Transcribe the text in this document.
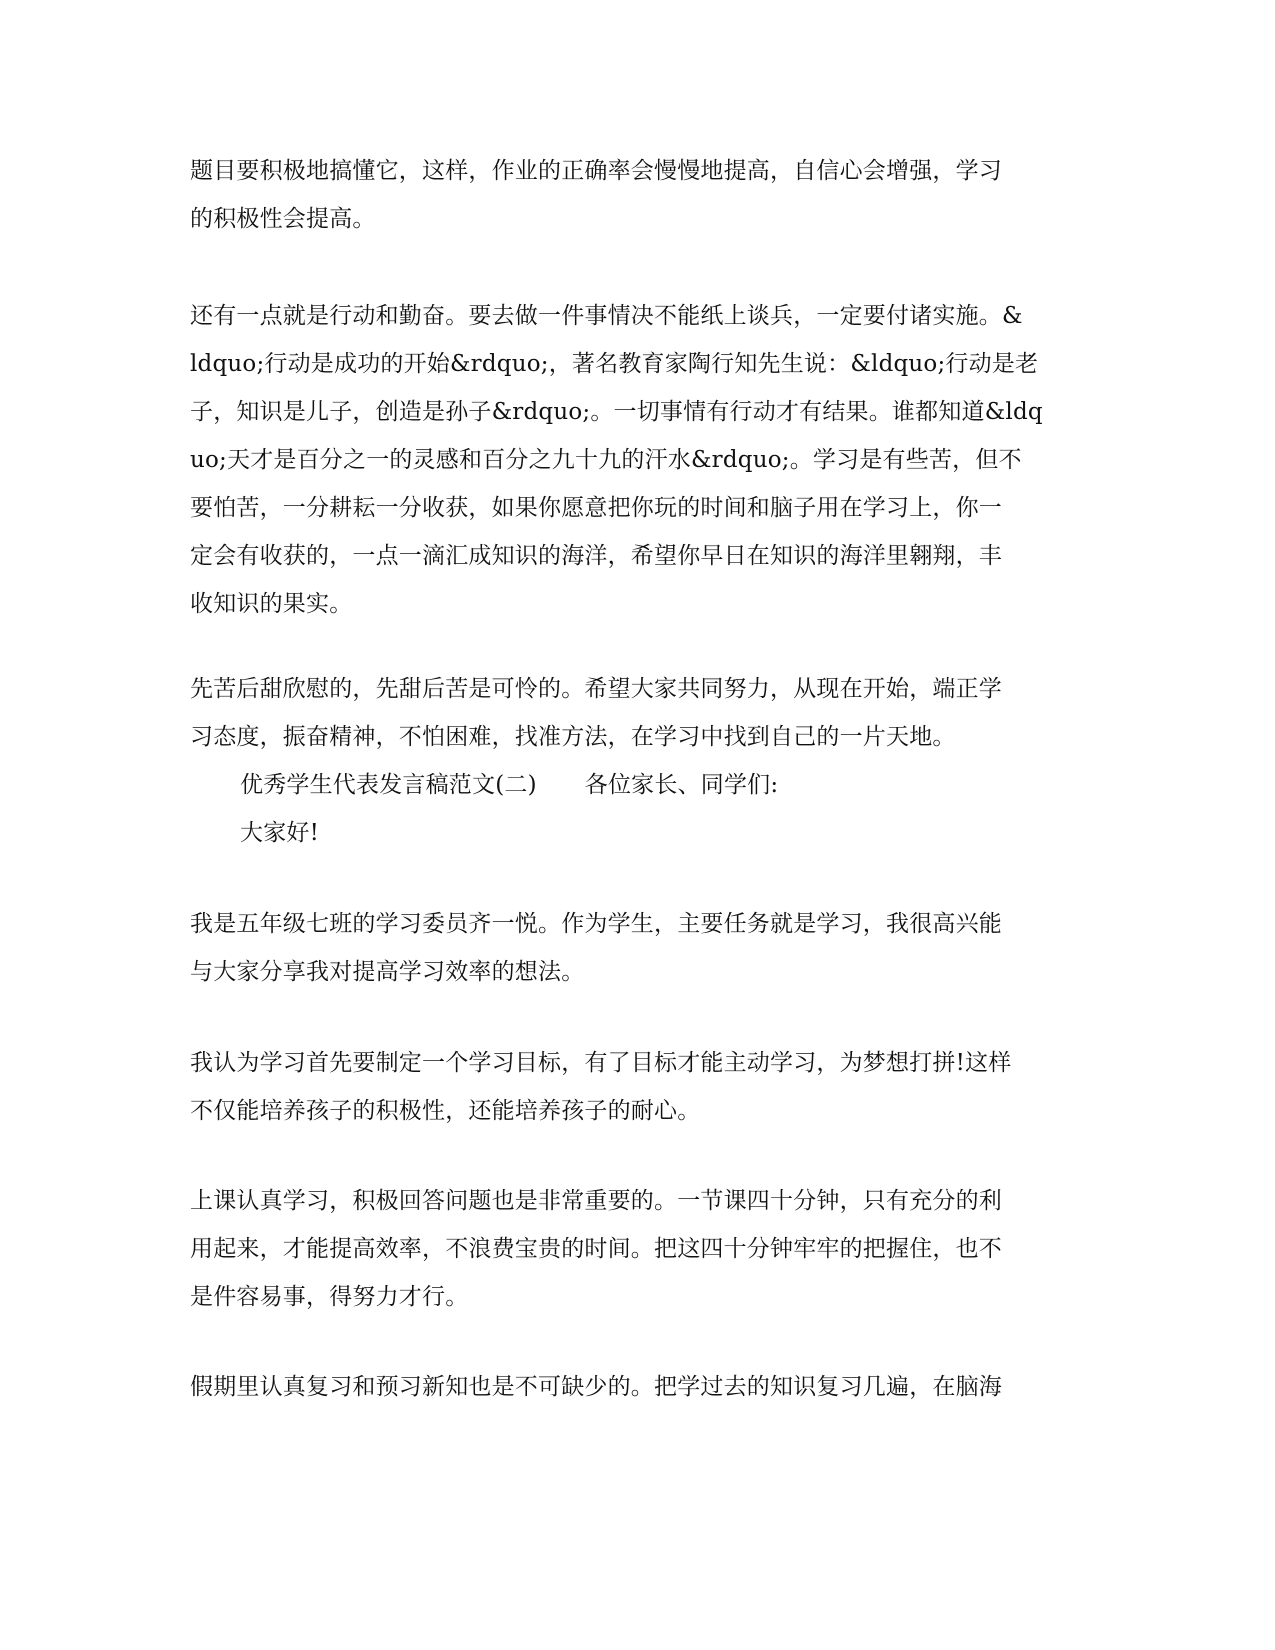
题目要积极地搞懂它，这样，作业的正确率会慢慢地提高，自信心会增强，学习
的积极性会提高。
还有一点就是行动和勤奋。要去做一件事情决不能纸上谈兵，一定要付诸实施。&
ldquo;行动是成功的开始&rdquo;，著名教育家陶行知先生说：&ldquo;行动是老
子，知识是儿子，创造是孙子&rdquo;。一切事情有行动才有结果。谁都知道&ldq
uo;天才是百分之一的灵感和百分之九十九的汗水&rdquo;。学习是有些苦，但不
要怕苦，一分耕耘一分收获，如果你愿意把你玩的时间和脑子用在学习上，你一
定会有收获的，一点一滴汇成知识的海洋，希望你早日在知识的海洋里翱翔，丰
收知识的果实。
先苦后甜欣慰的，先甜后苦是可怜的。希望大家共同努力，从现在开始，端正学
习态度，振奋精神，不怕困难，找准方法，在学习中找到自己的一片天地。
优秀学生代表发言稿范文(二) 各位家长、同学们:
大家好!
我是五年级七班的学习委员齐一悦。作为学生，主要任务就是学习，我很高兴能
与大家分享我对提高学习效率的想法。
我认为学习首先要制定一个学习目标，有了目标才能主动学习，为梦想打拼!这样
不仅能培养孩子的积极性，还能培养孩子的耐心。
上课认真学习，积极回答问题也是非常重要的。一节课四十分钟，只有充分的利
用起来，才能提高效率，不浪费宝贵的时间。把这四十分钟牢牢的把握住，也不
是件容易事，得努力才行。
假期里认真复习和预习新知也是不可缺少的。把学过去的知识复习几遍，在脑海
